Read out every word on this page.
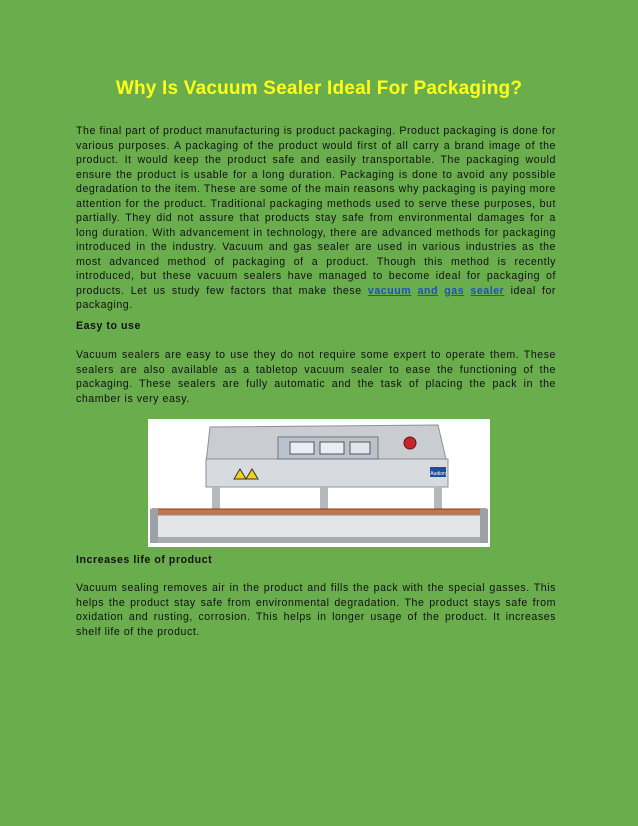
Why Is Vacuum Sealer Ideal For Packaging?

The final part of product manufacturing is product packaging. Product packaging is done for various purposes. A packaging of the product would first of all carry a brand image of the product. It would keep the product safe and easily transportable. The packaging would ensure the product is usable for a long duration. Packaging is done to avoid any possible degradation to the item. These are some of the main reasons why packaging is paying more attention for the product. Traditional packaging methods used to serve these purposes, but partially. They did not assure that products stay safe from environmental damages for a long duration. With advancement in technology, there are advanced methods for packaging introduced in the industry. Vacuum and gas sealer are used in various industries as the most advanced method of packaging of a product. Though this method is recently introduced, but these vacuum sealers have managed to become ideal for packaging of products. Let us study few factors that make these vacuum and gas sealer ideal for packaging.

Easy to use

Vacuum sealers are easy to use they do not require some expert to operate them. These sealers are also available as a tabletop vacuum sealer to ease the functioning of the packaging. These sealers are fully automatic and the task of placing the pack in the chamber is very easy.

Audion

Increases life of product

Vacuum sealing removes air in the product and fills the pack with the special gasses. This helps the product stay safe from environmental degradation. The product stays safe from oxidation and rusting, corrosion. This helps in longer usage of the product. It increases shelf life of the product.
